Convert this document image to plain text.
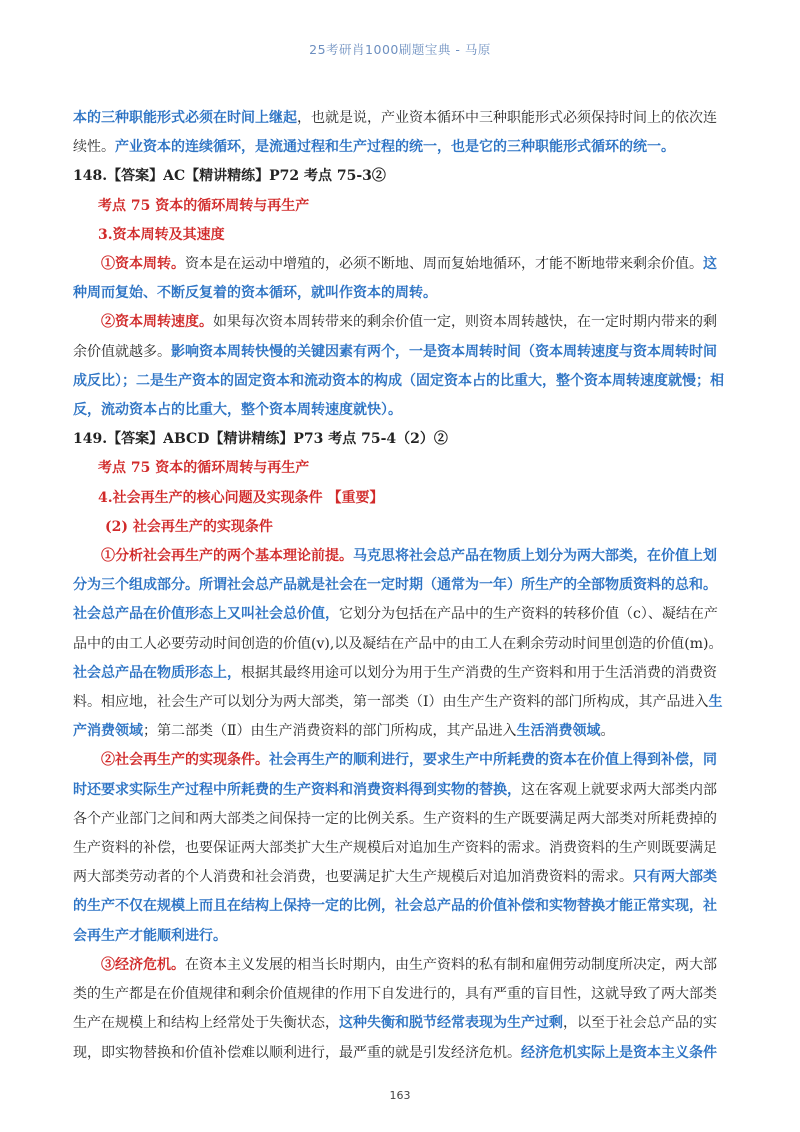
25考研肖1000刷题宝典 - 马原

本的三种职能形式必须在时间上继起，也就是说，产业资本循环中三种职能形式必须保持时间上的依次连续性。产业资本的连续循环，是流通过程和生产过程的统一，也是它的三种职能形式循环的统一。

148.【答案】AC【精讲精练】P72 考点 75-3②

考点 75 资本的循环周转与再生产

3.资本周转及其速度

①资本周转。资本是在运动中增殖的，必须不断地、周而复始地循环，才能不断地带来剩余价值。这种周而复始、不断反复着的资本循环，就叫作资本的周转。

②资本周转速度。如果每次资本周转带来的剩余价值一定，则资本周转越快，在一定时期内带来的剩余价值就越多。影响资本周转快慢的关键因素有两个，一是资本周转时间（资本周转速度与资本周转时间成反比）；二是生产资本的固定资本和流动资本的构成（固定资本占的比重大，整个资本周转速度就慢；相反，流动资本占的比重大，整个资本周转速度就快）。

149.【答案】ABCD【精讲精练】P73 考点 75-4（2）②

考点 75 资本的循环周转与再生产

4.社会再生产的核心问题及实现条件 【重要】

(2) 社会再生产的实现条件

①分析社会再生产的两个基本理论前提。马克思将社会总产品在物质上划分为两大部类，在价值上划分为三个组成部分。所谓社会总产品就是社会在一定时期（通常为一年）所生产的全部物质资料的总和。社会总产品在价值形态上又叫社会总价值，它划分为包括在产品中的生产资料的转移价值（c）、凝结在产品中的由工人必要劳动时间创造的价值(v),以及凝结在产品中的由工人在剩余劳动时间里创造的价值(m)。社会总产品在物质形态上，根据其最终用途可以划分为用于生产消费的生产资料和用于生活消费的消费资料。相应地，社会生产可以划分为两大部类，第一部类（I）由生产生产资料的部门所构成，其产品进入生产消费领域；第二部类（Ⅱ）由生产消费资料的部门所构成，其产品进入生活消费领域。

②社会再生产的实现条件。社会再生产的顺利进行，要求生产中所耗费的资本在价值上得到补偿，同时还要求实际生产过程中所耗费的生产资料和消费资料得到实物的替换，这在客观上就要求两大部类内部各个产业部门之间和两大部类之间保持一定的比例关系。生产资料的生产既要满足两大部类对所耗费掉的生产资料的补偿，也要保证两大部类扩大生产规模后对追加生产资料的需求。消费资料的生产则既要满足两大部类劳动者的个人消费和社会消费，也要满足扩大生产规模后对追加消费资料的需求。只有两大部类的生产不仅在规模上而且在结构上保持一定的比例，社会总产品的价值补偿和实物替换才能正常实现，社会再生产才能顺利进行。

③经济危机。在资本主义发展的相当长时期内，由生产资料的私有制和雇佣劳动制度所决定，两大部类的生产都是在价值规律和剩余价值规律的作用下自发进行的，具有严重的盲目性，这就导致了两大部类生产在规模上和结构上经常处于失衡状态，这种失衡和脱节经常表现为生产过剩，以至于社会总产品的实现，即实物替换和价值补偿难以顺利进行，最严重的就是引发经济危机。经济危机实际上是资本主义条件

163
